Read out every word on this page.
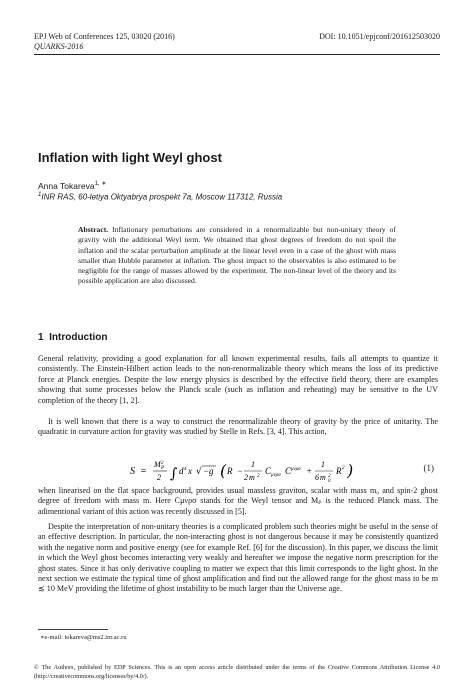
EPJ Web of Conferences 125, 03020 (2016)	DOI: 10.1051/epjconf/201612503020
QUARKS-2016
Inflation with light Weyl ghost
Anna Tokareva$^{1, ∗}$
$^1$INR RAS, 60-letiya Oktyabrya prospekt 7a, Moscow 117312, Russia
Abstract. Inflationary perturbations are considered in a renormalizable but non-unitary theory of gravity with the additional Weyl term. We obtained that ghost degrees of freedom do not spoil the inflation and the scalar perturbation amplitude at the linear level even in a case of the ghost with mass smaller than Hubble parameter at inflation. The ghost impact to the observables is also estimated to be negligible for the range of masses allowed by the experiment. The non-linear level of the theory and its possible application are also discussed.
1 Introduction
General relativity, providing a good explanation for all known experimental results, fails all attempts to quantize it consistently. The Einstein-Hilbert action leads to the non-renormalizable theory which means the loss of its predictive force at Planck energies. Despite the low energy physics is described by the effective field theory, there are examples showing that some processes below the Planck scale (such as inflation and reheating) may be sensitive to the UV completion of the theory [1, 2].
It is well known that there is a way to construct the renormalizable theory of gravity by the price of unitarity. The quadratic in curvature action for gravity was studied by Stelle in Refs. [3, 4]. This action,
S =
M 2
P
2 ∫ d 4 x √ − g ( R −
1
2 m 2
C μνρσ C μνρσ +
1
6 m 2
0
R 2 )	(1)
when linearised on the flat space background, provides usual massless graviton, scalar with mass m₀ and spin-2 ghost degree of freedom with mass m. Here Cμνρσ stands for the Weyl tensor and Mₚ is the reduced Planck mass. The adimentional variant of this action was recently discussed in [5].
Despite the interpretation of non-unitary theories is a complicated problem such theories might be useful in the sense of an effective description. In particular, the non-interacting ghost is not dangerous because it may be consistently quantized with the negative norm and positive energy (see for example Ref. [6] for the discussion). In this paper, we discuss the limit in which the Weyl ghost becomes interacting very weakly and hereafter we impose the negative norm prescription for the ghost states. Since it has only derivative coupling to matter we expect that this limit corresponds to the light ghost. In the next section we estimate the typical time of ghost amplification and find out the allowed range for the ghost mass to be m ≲ 10 MeV providing the lifetime of ghost instability to be much larger than the Universe age.
∗e-mail: tokareva@ms2.inr.ac.ru
© The Authors, published by EDP Sciences. This is an open access article distributed under the terms of the Creative Commons Attribution License 4.0 (http://creativecommons.org/licenses/by/4.0/).
